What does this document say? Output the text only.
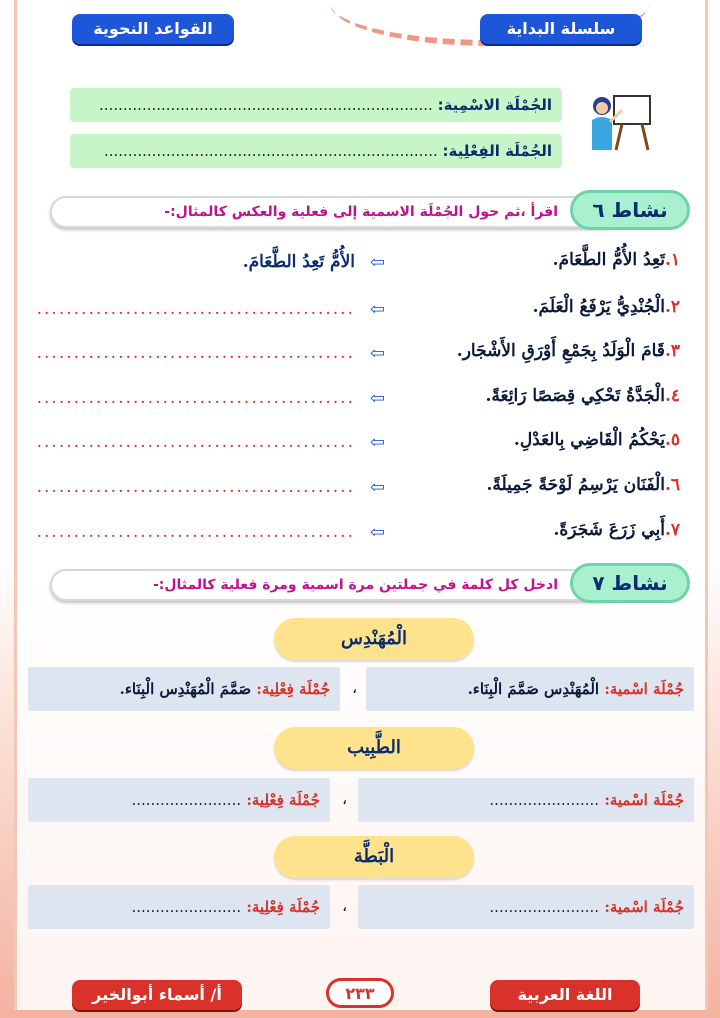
سلسلة البداية
القواعد النحوية
الجُمْلَة الاسْمِية: ......................................................................
الجُمْلَة الفِعْلِية: ......................................................................
اقرأ ،ثم حول الجُمْلَة الاسمية إلى فعلية والعكس كالمثال:-	نشاط ٦
١.تَعِدُ الأُمُّ الطَّعَامَ.
⇦
الأُمُّ تَعِدُ الطَّعَامَ.
٢.الْجُنْدِيُّ يَرْفَعُ الْعَلَمَ.
⇦
...........................................
٣.قَامَ الْوَلَدُ بِجَمْعِ أَوْرَقِ الأَشْجَار.
⇦
...........................................
٤.الْجَدَّةُ تَحْكِي قِصَصًا رَائِعَةً.
⇦
...........................................
٥.يَحْكُمُ الْقَاضِي بِالعَدْلِ.
⇦
...........................................
٦.الْفَنَان يَرْسِمُ لَوْحَةً جَمِيلَةً.
⇦
...........................................
٧.أَبِي زَرَعَ شَجَرَةً.
⇦
...........................................
ادخل كل كلمة في جملتين مرة اسمية ومرة فعلية كالمثال:-	نشاط ٧
الْمُهَنْدِس
جُمْلَة اسْمية: الْمُهَنْدِس صَمَّمَ الْبِنَاء.
،
جُمْلَة فِعْلِية: صَمَّمَ الْمُهَنْدِس الْبِنَاء.
الطَّبِيب
جُمْلَة اسْمية: .......................
،
جُمْلَة فِعْلِية: .......................
الْبَطَّة
جُمْلَة اسْمية: .......................
،
جُمْلَة فِعْلِية: .......................
اللغة العربية
٢٣٣
أ/ أسماء أبوالخير
